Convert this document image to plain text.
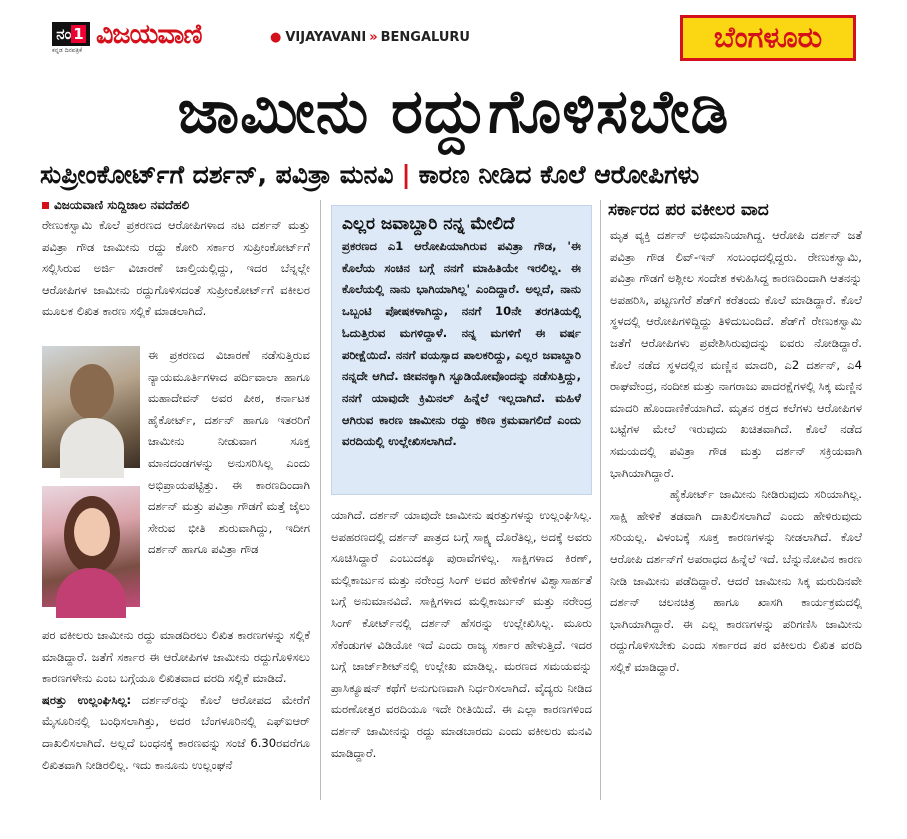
ನಂ 1
ಕನ್ನಡ ದಿನಪತ್ರಿಕೆ
ವಿಜಯವಾಣಿ	● VIJAYAVANI » BENGALURU	ಬೆಂಗಳೂರು
ಜಾಮೀನು ರದ್ದುಗೊಳಿಸಬೇಡಿ
ಸುಪ್ರೀಂಕೋರ್ಟ್‌ಗೆ ದರ್ಶನ್, ಪವಿತ್ರಾ ಮನವಿ | ಕಾರಣ ನೀಡಿದ ಕೊಲೆ ಆರೋಪಿಗಳು
ವಿಜಯವಾಣಿ ಸುದ್ದಿಜಾಲ ನವದೆಹಲಿ

ರೇಣುಕಸ್ವಾಮಿ ಕೊಲೆ ಪ್ರಕರಣದ ಆರೋಪಿಗಳಾದ ನಟ ದರ್ಶನ್ ಮತ್ತು ಪವಿತ್ರಾ ಗೌಡ ಜಾಮೀನು ರದ್ದು ಕೋರಿ ಸರ್ಕಾರ ಸುಪ್ರೀಂಕೋರ್ಟ್‌ಗೆ ಸಲ್ಲಿಸಿರುವ ಅರ್ಜಿ ವಿಚಾರಣೆ ಚಾಲ್ತಿಯಲ್ಲಿದ್ದು, ಇದರ ಬೆನ್ನಲ್ಲೇ ಆರೋಪಿಗಳ ಜಾಮೀನು ರದ್ದುಗೊಳಿಸದಂತೆ ಸುಪ್ರೀಂಕೋರ್ಟ್‌ಗೆ ವಕೀಲರ ಮೂಲಕ ಲಿಖಿತ ಕಾರಣ ಸಲ್ಲಿಕೆ ಮಾಡಲಾಗಿದೆ.

ಈ ಪ್ರಕರಣದ ವಿಚಾರಣೆ ನಡೆಸುತ್ತಿರುವ ನ್ಯಾಯಮೂರ್ತಿಗಳಾದ ಪರ್ದಿವಾಲಾ ಹಾಗೂ ಮಹಾದೇವನ್ ಅವರ ಪೀಠ, ಕರ್ನಾಟಕ ಹೈಕೋರ್ಟ್, ದರ್ಶನ್ ಹಾಗೂ ಇತರರಿಗೆ ಜಾಮೀನು ನೀಡುವಾಗ ಸೂಕ್ತ ಮಾನದಂಡಗಳನ್ನು ಅನುಸರಿಸಿಲ್ಲ ಎಂದು ಅಭಿಪ್ರಾಯಪಟ್ಟಿತ್ತು. ಈ ಕಾರಣದಿಂದಾಗಿ ದರ್ಶನ್ ಮತ್ತು ಪವಿತ್ರಾ ಗೌಡಗೆ ಮತ್ತೆ ಜೈಲು ಸೇರುವ ಭೀತಿ ಶುರುವಾಗಿದ್ದು, ಇದೀಗ ದರ್ಶನ್ ಹಾಗೂ ಪವಿತ್ರಾ ಗೌಡ

ಪರ ವಕೀಲರು ಜಾಮೀನು ರದ್ದು ಮಾಡದಿರಲು ಲಿಖಿತ ಕಾರಣಗಳನ್ನು ಸಲ್ಲಿಕೆ ಮಾಡಿದ್ದಾರೆ. ಜತೆಗೆ ಸರ್ಕಾರ ಈ ಆರೋಪಿಗಳ ಜಾಮೀನು ರದ್ದುಗೊಳಿಸಲು ಕಾರಣಗಳೇನು ಎಂಬ ಬಗ್ಗೆಯೂ ಲಿಖಿತವಾದ ವರದಿ ಸಲ್ಲಿಕೆ ಮಾಡಿದೆ.

ಷರತ್ತು ಉಲ್ಲಂಘಿಸಿಲ್ಲ: ದರ್ಶನ್‌ರನ್ನು ಕೊಲೆ ಆರೋಪದ ಮೇರೆಗೆ ಮೈಸೂರಿನಲ್ಲಿ ಬಂಧಿಸಲಾಗಿತ್ತು, ಅದರ ಬೆಂಗಳೂರಿನಲ್ಲಿ ಎಫ್‌ಐಆರ್ ದಾಖಲಿಸಲಾಗಿದೆ. ಅಲ್ಲದೆ ಬಂಧನಕ್ಕೆ ಕಾರಣವನ್ನು ಸಂಜೆ 6.30ರವರೆಗೂ ಲಿಖಿತವಾಗಿ ನೀಡಿರಲಿಲ್ಲ. ಇದು ಕಾನೂನು ಉಲ್ಲಂಘನೆ

ಎಲ್ಲರ ಜವಾಬ್ದಾರಿ ನನ್ನ ಮೇಲಿದೆ
ಪ್ರಕರಣದ ಎ1 ಆರೋಪಿಯಾಗಿರುವ ಪವಿತ್ರಾ ಗೌಡ, 'ಈ ಕೊಲೆಯ ಸಂಚಿನ ಬಗ್ಗೆ ನನಗೆ ಮಾಹಿತಿಯೇ ಇರಲಿಲ್ಲ. ಈ ಕೊಲೆಯಲ್ಲಿ ನಾನು ಭಾಗಿಯಾಗಿಲ್ಲ' ಎಂದಿದ್ದಾರೆ. ಅಲ್ಲದೆ, ನಾನು ಒಬ್ಬಂಟಿ ಪೋಷಕಳಾಗಿದ್ದು, ನನಗೆ 10ನೇ ತರಗತಿಯಲ್ಲಿ ಓದುತ್ತಿರುವ ಮಗಳಿದ್ದಾಳೆ. ನನ್ನ ಮಗಳಿಗೆ ಈ ವರ್ಷ ಪರೀಕ್ಷೆಯಿದೆ. ನನಗೆ ವಯಸ್ಸಾದ ಪಾಲಕರಿದ್ದು, ಎಲ್ಲರ ಜವಾಬ್ದಾರಿ ನನ್ನದೇ ಆಗಿದೆ. ಜೀವನಕ್ಕಾಗಿ ಸ್ಟೂಡಿಯೋವೊಂದನ್ನು ನಡೆಸುತ್ತಿದ್ದು, ನನಗೆ ಯಾವುದೇ ಕ್ರಿಮಿನಲ್ ಹಿನ್ನೆಲೆ ಇಲ್ಲದಾಗಿದೆ. ಮಹಿಳೆ ಆಗಿರುವ ಕಾರಣ ಜಾಮೀನು ರದ್ದು ಕಠಿಣ ಕ್ರಮವಾಗಲಿದೆ ಎಂದು ವರದಿಯಲ್ಲಿ ಉಲ್ಲೇಖಿಸಲಾಗಿದೆ.

ಯಾಗಿದೆ. ದರ್ಶನ್ ಯಾವುದೇ ಜಾಮೀನು ಷರತ್ತುಗಳನ್ನು ಉಲ್ಲಂಘಿಸಿಲ್ಲ. ಅಪಹರಣದಲ್ಲಿ ದರ್ಶನ್ ಪಾತ್ರದ ಬಗ್ಗೆ ಸಾಕ್ಷ್ಯ ದೊರೆತಿಲ್ಲ, ಅದಕ್ಕೆ ಅವರು ಸೂಚಿಸಿದ್ದಾರೆ ಎಂಬುದಕ್ಕೂ ಪುರಾವೆಗಳಿಲ್ಲ. ಸಾಕ್ಷಿಗಳಾದ ಕಿರಣ್, ಮಲ್ಲಿಕಾರ್ಜುನ ಮತ್ತು ನರೇಂದ್ರ ಸಿಂಗ್ ಅವರ ಹೇಳಿಕೆಗಳ ವಿಶ್ವಾಸಾರ್ಹತೆ ಬಗ್ಗೆ ಅನುಮಾನವಿದೆ. ಸಾಕ್ಷಿಗಳಾದ ಮಲ್ಲಿಕಾರ್ಜುನ್ ಮತ್ತು ನರೇಂದ್ರ ಸಿಂಗ್ ಕೋರ್ಟ್‌ನಲ್ಲಿ ದರ್ಶನ್ ಹೆಸರನ್ನು ಉಲ್ಲೇಖಿಸಿಲ್ಲ. ಮೂರು ಸೆಕೆಂಡುಗಳ ವಿಡಿಯೋ ಇದೆ ಎಂದು ರಾಜ್ಯ ಸರ್ಕಾರ ಹೇಳುತ್ತಿದೆ. ಇದರ ಬಗ್ಗೆ ಚಾರ್ಜ್‌ಶೀಟ್‌ನಲ್ಲಿ ಉಲ್ಲೇಖ ಮಾಡಿಲ್ಲ. ಮರಣದ ಸಮಯವನ್ನು ಪ್ರಾಸಿಕ್ಯೂಷನ್ ಕಥೆಗೆ ಅನುಗುಣವಾಗಿ ನಿರ್ಧರಿಸಲಾಗಿದೆ. ವೈದ್ಯರು ನೀಡಿದ ಮರಣೋತ್ತರ ವರದಿಯೂ ಇದೇ ರೀತಿಯಿದೆ. ಈ ಎಲ್ಲಾ ಕಾರಣಗಳಿಂದ ದರ್ಶನ್ ಜಾಮೀನನ್ನು ರದ್ದು ಮಾಡಬಾರದು ಎಂದು ವಕೀಲರು ಮನವಿ ಮಾಡಿದ್ದಾರೆ.

ಸರ್ಕಾರದ ಪರ ವಕೀಲರ ವಾದ

ಮೃತ ವ್ಯಕ್ತಿ ದರ್ಶನ್ ಅಭಿಮಾನಿಯಾಗಿದ್ದ. ಆರೋಪಿ ದರ್ಶನ್ ಜತೆ ಪವಿತ್ರಾ ಗೌಡ ಲಿವ್-ಇನ್ ಸಂಬಂಧದಲ್ಲಿದ್ದರು. ರೇಣುಕಸ್ವಾಮಿ, ಪವಿತ್ರಾ ಗೌಡಗೆ ಅಶ್ಲೀಲ ಸಂದೇಶ ಕಳುಹಿಸಿದ್ದ ಕಾರಣದಿಂದಾಗಿ ಆತನನ್ನು ಅಪಹರಿಸಿ, ಪಟ್ಟಣಗೆರೆ ಶೆಡ್‌ಗೆ ಕರೆತಂದು ಕೊಲೆ ಮಾಡಿದ್ದಾರೆ. ಕೊಲೆ ಸ್ಥಳದಲ್ಲಿ ಆರೋಪಿಗಳಿದ್ದಿದ್ದು ತಿಳಿದುಬಂದಿದೆ. ಶೆಡ್‌ಗೆ ರೇಣುಕಸ್ವಾಮಿ ಜತೆಗೆ ಆರೋಪಿಗಳು ಪ್ರವೇಶಿಸಿರುವುದನ್ನು ಐವರು ನೋಡಿದ್ದಾರೆ. ಕೊಲೆ ನಡೆದ ಸ್ಥಳದಲ್ಲಿನ ಮಣ್ಣಿನ ಮಾದರಿ, ಎ2 ದರ್ಶನ್, ಎ4 ರಾಘವೇಂದ್ರ, ನಂದೀಶ ಮತ್ತು ನಾಗರಾಜು ಪಾದರಕ್ಷೆಗಳಲ್ಲಿ ಸಿಕ್ಕ ಮಣ್ಣಿನ ಮಾದರಿ ಹೊಂದಾಣಿಕೆಯಾಗಿದೆ. ಮೃತನ ರಕ್ತದ ಕಲೆಗಳು ಆರೋಪಿಗಳ ಬಟ್ಟೆಗಳ ಮೇಲೆ ಇರುವುದು ಖಚಿತವಾಗಿದೆ. ಕೊಲೆ ನಡೆದ ಸಮಯದಲ್ಲಿ ಪವಿತ್ರಾ ಗೌಡ ಮತ್ತು ದರ್ಶನ್ ಸಕ್ರಿಯವಾಗಿ ಭಾಗಿಯಾಗಿದ್ದಾರೆ.

ಹೈಕೋರ್ಟ್ ಜಾಮೀನು ನೀಡಿರುವುದು ಸರಿಯಾಗಿಲ್ಲ. ಸಾಕ್ಷಿ ಹೇಳಿಕೆ ತಡವಾಗಿ ದಾಖಲಿಸಲಾಗಿದೆ ಎಂದು ಹೇಳಿರುವುದು ಸರಿಯಲ್ಲ. ವಿಳಂಬಕ್ಕೆ ಸೂಕ್ತ ಕಾರಣಗಳನ್ನು ನೀಡಲಾಗಿದೆ. ಕೊಲೆ ಆರೋಪಿ ದರ್ಶನ್‌ಗೆ ಅಪರಾಧದ ಹಿನ್ನೆಲೆ ಇದೆ. ಬೆನ್ನುನೋವಿನ ಕಾರಣ ನೀಡಿ ಜಾಮೀನು ಪಡೆದಿದ್ದಾರೆ. ಆದರೆ ಜಾಮೀನು ಸಿಕ್ಕ ಮರುದಿನವೇ ದರ್ಶನ್ ಚಲನಚಿತ್ರ ಹಾಗೂ ಖಾಸಗಿ ಕಾರ್ಯಕ್ರಮದಲ್ಲಿ ಭಾಗಿಯಾಗಿದ್ದಾರೆ. ಈ ಎಲ್ಲ ಕಾರಣಗಳನ್ನು ಪರಿಗಣಿಸಿ ಜಾಮೀನು ರದ್ದುಗೊಳಿಸಬೇಕು ಎಂದು ಸರ್ಕಾರದ ಪರ ವಕೀಲರು ಲಿಖಿತ ವರದಿ ಸಲ್ಲಿಕೆ ಮಾಡಿದ್ದಾರೆ.
